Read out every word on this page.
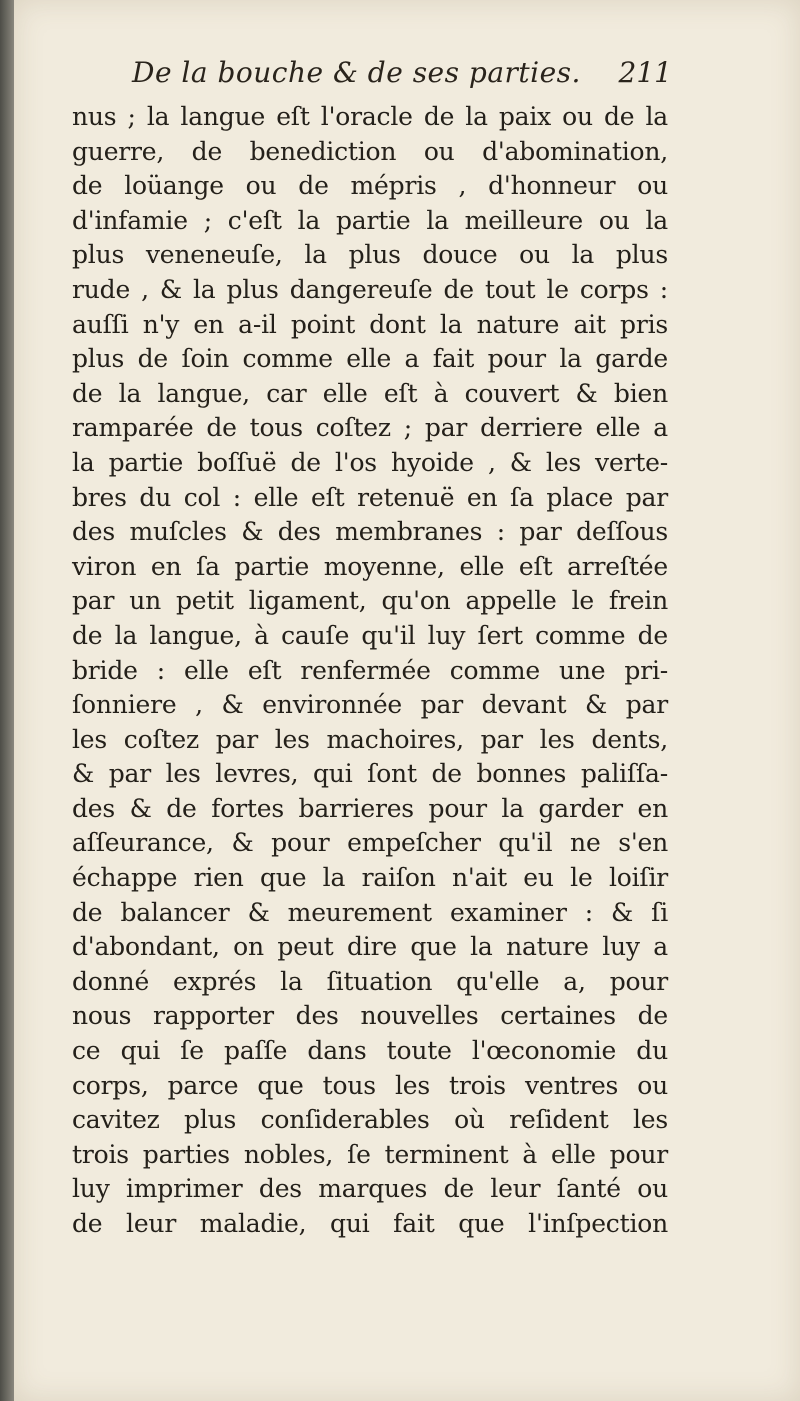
De la bouche & de ses parties. 211
nus ; la langue eſt l'oracle de la paix ou de la
guerre, de benediction ou d'abomination,
de loüange ou de mépris , d'honneur ou
d'infamie ; c'eſt la partie la meilleure ou la
plus veneneuſe, la plus douce ou la plus
rude , & la plus dangereuſe de tout le corps :
auſſi n'y en a-il point dont la nature ait pris
plus de ſoin comme elle a fait pour la garde
de la langue, car elle eſt à couvert & bien
ramparée de tous coſtez ; par derriere elle a
la partie boſſuë de l'os hyoide , & les verte-
bres du col : elle eſt retenuë en ſa place par
des muſcles & des membranes : par deſſous
viron en ſa partie moyenne, elle eſt arreſtée
par un petit ligament, qu'on appelle le frein
de la langue, à cauſe qu'il luy ſert comme de
bride : elle eſt renfermée comme une pri-
ſonniere , & environnée par devant & par
les coſtez par les machoires, par les dents,
& par les levres, qui ſont de bonnes paliſſa-
des & de fortes barrieres pour la garder en
aſſeurance, & pour empeſcher qu'il ne s'en
échappe rien que la raiſon n'ait eu le loiſir
de balancer & meurement examiner : & ſi
d'abondant, on peut dire que la nature luy a
donné exprés la ſituation qu'elle a, pour
nous rapporter des nouvelles certaines de
ce qui ſe paſſe dans toute l'œconomie du
corps, parce que tous les trois ventres ou
cavitez plus conſiderables où reſident les
trois parties nobles, ſe terminent à elle pour
luy imprimer des marques de leur ſanté ou
de leur maladie, qui fait que l'inſpection
